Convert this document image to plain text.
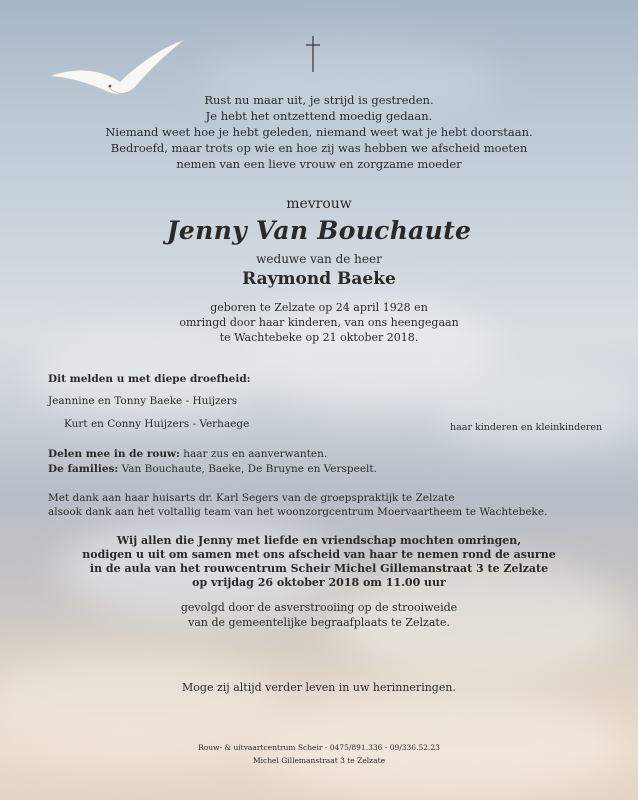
Rust nu maar uit, je strijd is gestreden.
Je hebt het ontzettend moedig gedaan.
Niemand weet hoe je hebt geleden, niemand weet wat je hebt doorstaan.
Bedroefd, maar trots op wie en hoe zij was hebben we afscheid moeten
nemen van een lieve vrouw en zorgzame moeder
mevrouw
Jenny Van Bouchaute
weduwe van de heer
Raymond Baeke
geboren te Zelzate op 24 april 1928 en
omringd door haar kinderen, van ons heengegaan
te Wachtebeke op 21 oktober 2018.
Dit melden u met diepe droefheid:
Jeannine en Tonny Baeke - Huijzers
Kurt en Conny Huijzers - Verhaege	haar kinderen en kleinkinderen
Delen mee in de rouw: haar zus en aanverwanten.
De families: Van Bouchaute, Baeke, De Bruyne en Verspeelt.
Met dank aan haar huisarts dr. Karl Segers van de groepspraktijk te Zelzate
alsook dank aan het voltallig team van het woonzorgcentrum Moervaartheem te Wachtebeke.
Wij allen die Jenny met liefde en vriendschap mochten omringen,
nodigen u uit om samen met ons afscheid van haar te nemen rond de asurne
in de aula van het rouwcentrum Scheir Michel Gillemanstraat 3 te Zelzate
op vrijdag 26 oktober 2018 om 11.00 uur
gevolgd door de asverstrooiing op de strooiweide
van de gemeentelijke begraafplaats te Zelzate.
Moge zij altijd verder leven in uw herinneringen.
Rouw- & uitvaartcentrum Scheir - 0475/891.336 - 09/336.52.23
Michel Gillemanstraat 3 te Zelzate
